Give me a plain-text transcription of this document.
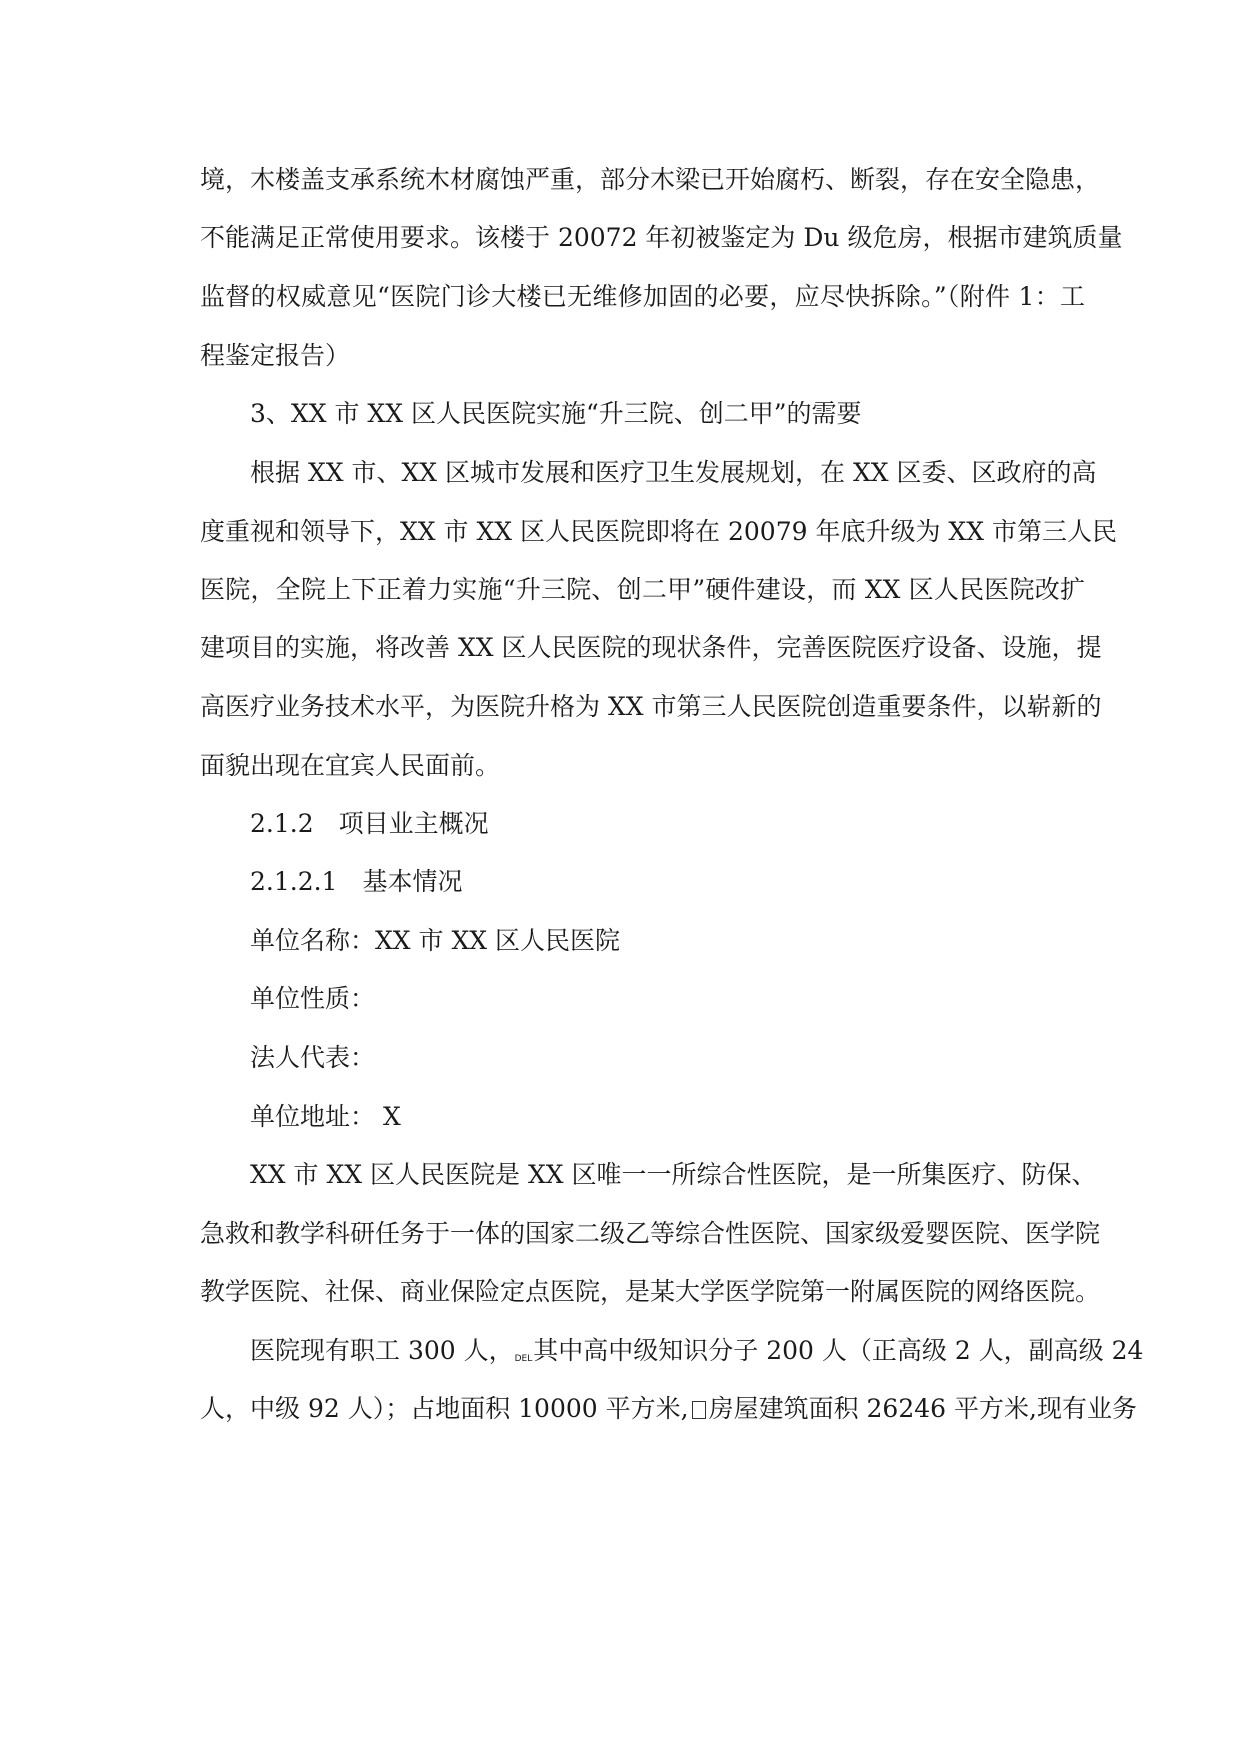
境，木楼盖支承系统木材腐蚀严重，部分木梁已开始腐朽、断裂，存在安全隐患，
不能满足正常使用要求。该楼于 20072 年初被鉴定为 Du 级危房，根据市建筑质量
监督的权威意见“医院门诊大楼已无维修加固的必要，应尽快拆除。”（附件 1：工
程鉴定报告）
3、XX 市 XX 区人民医院实施“升三院、创二甲”的需要
根据 XX 市、XX 区城市发展和医疗卫生发展规划，在 XX 区委、区政府的高
度重视和领导下，XX 市 XX 区人民医院即将在 20079 年底升级为 XX 市第三人民
医院，全院上下正着力实施“升三院、创二甲”硬件建设，而 XX 区人民医院改扩
建项目的实施，将改善 XX 区人民医院的现状条件，完善医院医疗设备、设施，提
高医疗业务技术水平，为医院升格为 XX 市第三人民医院创造重要条件，以崭新的
面貌出现在宜宾人民面前。
2.1.2　项目业主概况
2.1.2.1　基本情况
单位名称：XX 市 XX 区人民医院
单位性质：
法人代表：
单位地址： X
XX 市 XX 区人民医院是 XX 区唯一一所综合性医院，是一所集医疗、防保、
急救和教学科研任务于一体的国家二级乙等综合性医院、国家级爱婴医院、医学院
教学医院、社保、商业保险定点医院，是某大学医学院第一附属医院的网络医院。
医院现有职工 300 人，DEL其中高中级知识分子 200 人（正高级 2 人，副高级 24
人，中级 92 人）；占地面积 10000 平方米, 房屋建筑面积 26246 平方米,现有业务
